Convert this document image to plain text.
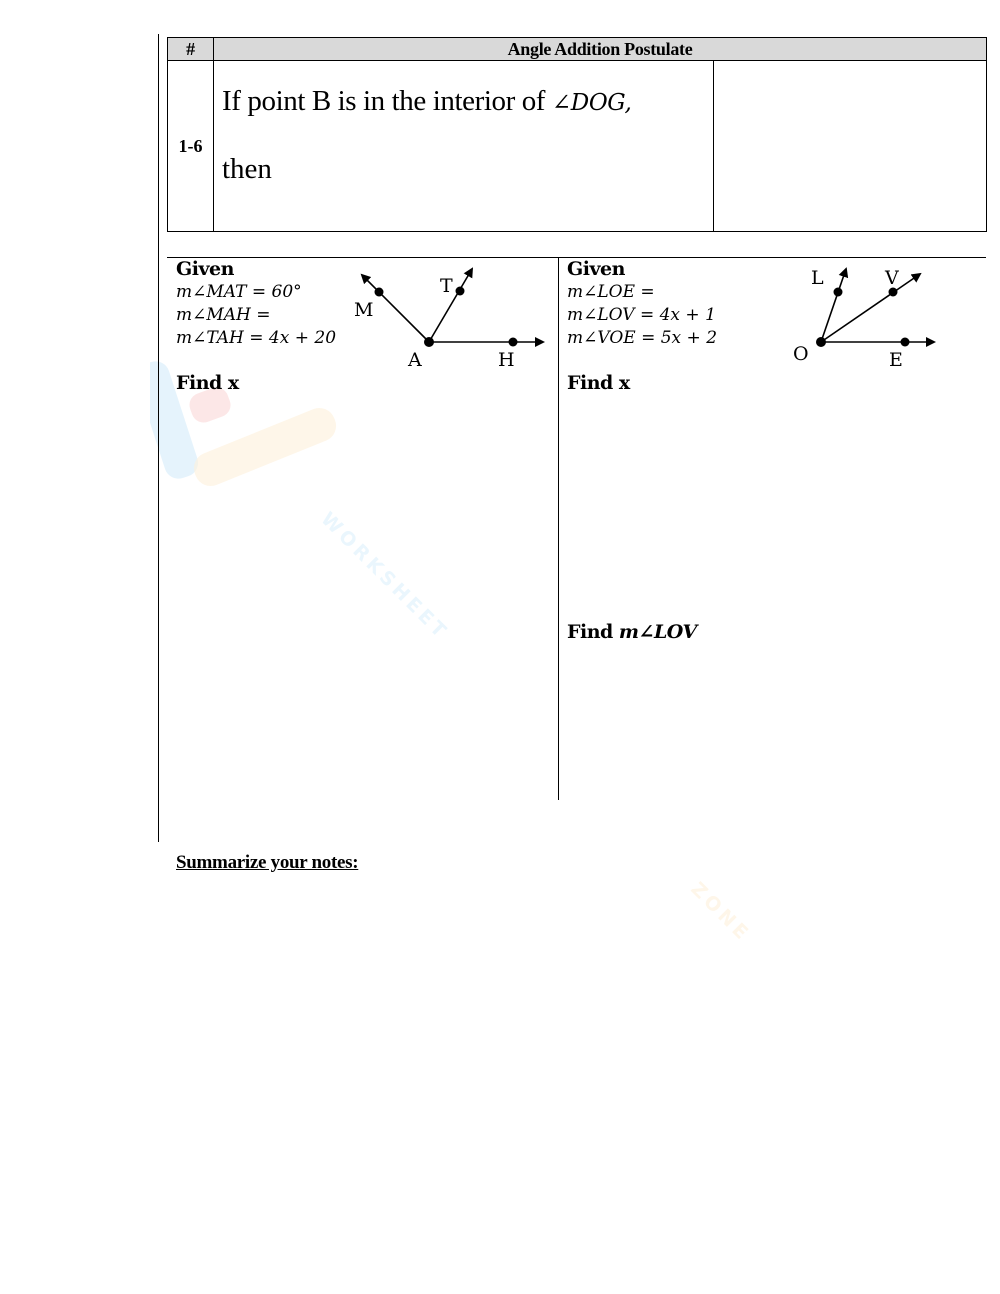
WORKSHEET
ZONE
#	Angle Addition Postulate	
1-6	If point B is in the interior of ∠DOG,
then	

Given
m∠MAT = 60°
m∠MAH =
m∠TAH = 4x + 20
Find x
M
T
A	H
Given
m∠LOE =
m∠LOV = 4x + 1
m∠VOE = 5x + 2
Find x
Find m∠LOV
L	V
O	E
Summarize your notes:
